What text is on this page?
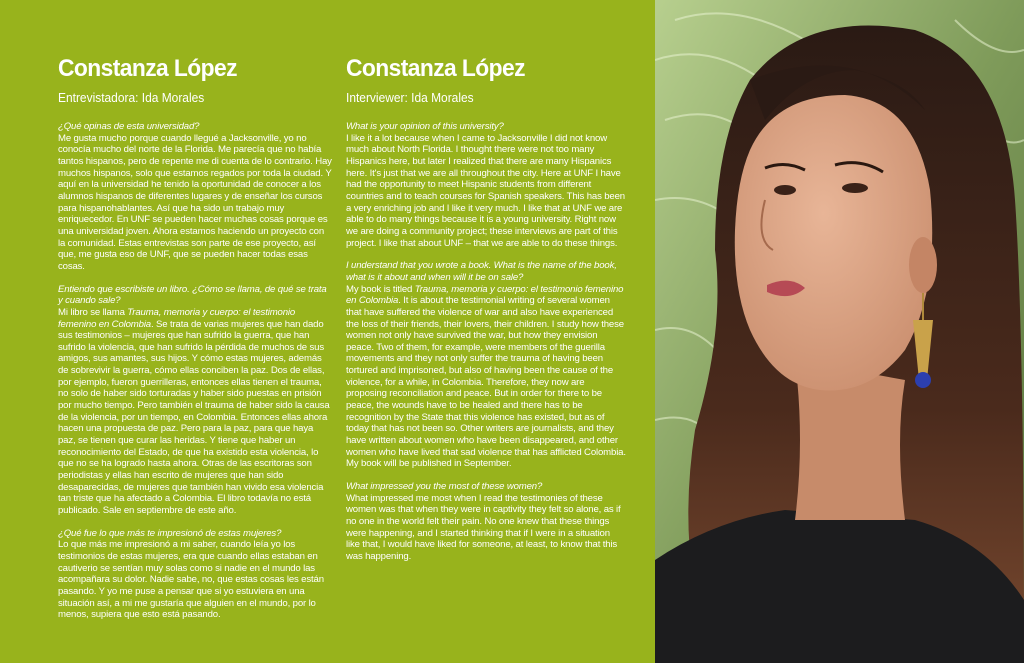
Constanza López
Entrevistadora: Ida Morales

¿Qué opinas de esta universidad?
Me gusta mucho porque cuando llegué a Jacksonville, yo no conocía mucho del norte de la Florida. Me parecía que no había tantos hispanos, pero de repente me di cuenta de lo contrario. Hay muchos hispanos, solo que estamos regados por toda la ciudad. Y aquí en la universidad he tenido la oportunidad de conocer a los alumnos hispanos de diferentes lugares y de enseñar los cursos para hispanohablantes. Así que ha sido un trabajo muy enriquecedor. En UNF se pueden hacer muchas cosas porque es una universidad joven. Ahora estamos haciendo un proyecto con la comunidad. Estas entrevistas son parte de ese proyecto, así que, me gusta eso de UNF, que se pueden hacer todas esas cosas.

Entiendo que escribiste un libro. ¿Cómo se llama, de qué se trata y cuando sale?
Mi libro se llama Trauma, memoria y cuerpo: el testimonio femenino en Colombia. Se trata de varias mujeres que han dado sus testimonios – mujeres que han sufrido la guerra, que han sufrido la violencia, que han sufrido la pérdida de muchos de sus amigos, sus amantes, sus hijos. Y cómo estas mujeres, además de sobrevivir la guerra, cómo ellas conciben la paz. Dos de ellas, por ejemplo, fueron guerrilleras, entonces ellas tienen el trauma, no solo de haber sido torturadas y haber sido puestas en prisión por mucho tiempo. Pero también el trauma de haber sido la causa de la violencia, por un tiempo, en Colombia. Entonces ellas ahora hacen una propuesta de paz. Pero para la paz, para que haya paz, se tienen que curar las heridas. Y tiene que haber un reconocimiento del Estado, de que ha existido esta violencia, lo que no se ha logrado hasta ahora. Otras de las escritoras son periodistas y ellas han escrito de mujeres que han sido desaparecidas, de mujeres que también han vivido esa violencia tan triste que ha afectado a Colombia. El libro todavía no está publicado. Sale en septiembre de este año.

¿Qué fue lo que más te impresionó de estas mujeres?
Lo que más me impresionó a mi saber, cuando leía yo los testimonios de estas mujeres, era que cuando ellas estaban en cautiverio se sentían muy solas como si nadie en el mundo las acompañara su dolor. Nadie sabe, no, que estas cosas les están pasando. Y yo me puse a pensar que si yo estuviera en una situación así, a mi me gustaría que alguien en el mundo, por lo menos, supiera que esto está pasando.

Constanza López
Interviewer: Ida Morales

What is your opinion of this university?
I like it a lot because when I came to Jacksonville I did not know much about North Florida. I thought there were not too many Hispanics here, but later I realized that there are many Hispanics here. It's just that we are all throughout the city. Here at UNF I have had the opportunity to meet Hispanic students from different countries and to teach courses for Spanish speakers. This has been a very enriching job and I like it very much. I like that at UNF we are able to do many things because it is a young university. Right now we are doing a community project; these interviews are part of this project. I like that about UNF – that we are able to do these things.

I understand that you wrote a book. What is the name of the book, what is it about and when will it be on sale?
My book is titled Trauma, memoria y cuerpo: el testimonio femenino en Colombia. It is about the testimonial writing of several women that have suffered the violence of war and also have experienced the loss of their friends, their lovers, their children. I study how these women not only have survived the war, but how they envision peace. Two of them, for example, were members of the guerilla movements and they not only suffer the trauma of having been tortured and imprisoned, but also of having been the cause of the violence, for a while, in Colombia. Therefore, they now are proposing reconciliation and peace. But in order for there to be peace, the wounds have to be healed and there has to be recognition by the State that this violence has existed, but as of today that has not been so. Other writers are journalists, and they have written about women who have been disappeared, and other women who have lived that sad violence that has afflicted Colombia. My book will be published in September.

What impressed you the most of these women?
What impressed me most when I read the testimonies of these women was that when they were in captivity they felt so alone, as if no one in the world felt their pain. No one knew that these things were happening, and I started thinking that if I were in a situation like that, I would have liked for someone, at least, to know that this was happening.
